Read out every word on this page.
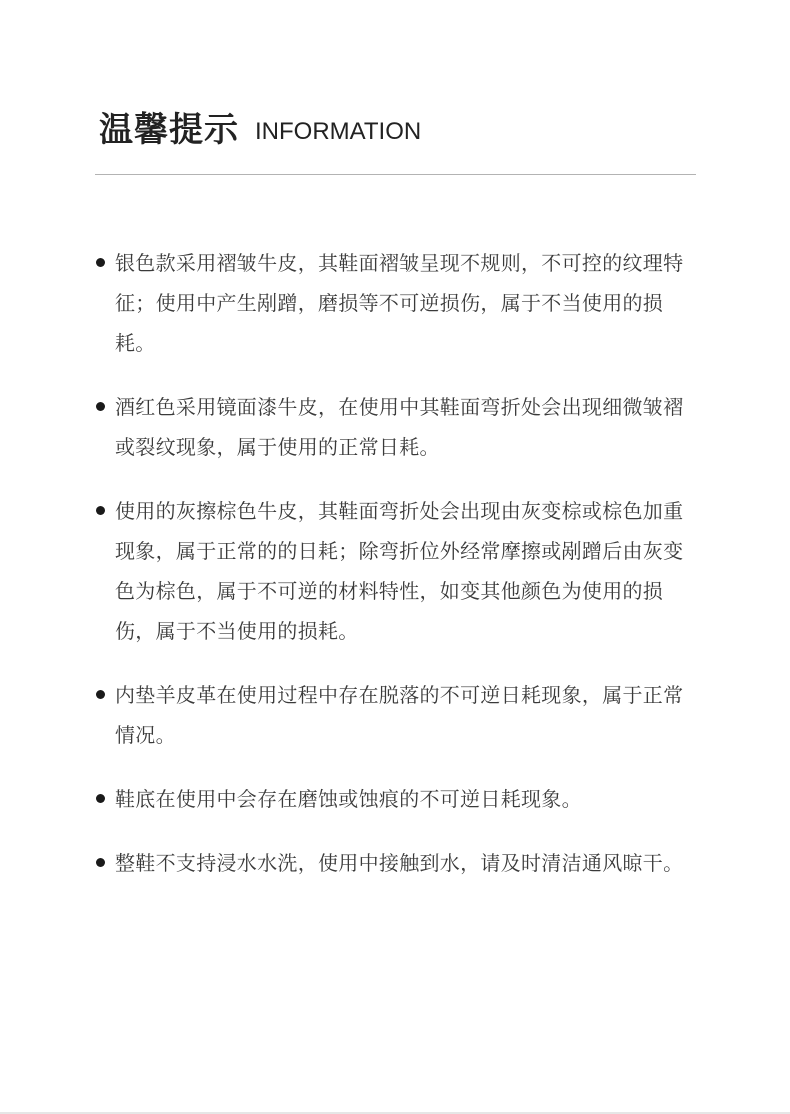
温馨提示 INFORMATION
银色款采用褶皱牛皮，其鞋面褶皱呈现不规则，不可控的纹理特征；使用中产生剐蹭，磨损等不可逆损伤，属于不当使用的损耗。
酒红色采用镜面漆牛皮，在使用中其鞋面弯折处会出现细微皱褶或裂纹现象，属于使用的正常日耗。
使用的灰擦棕色牛皮，其鞋面弯折处会出现由灰变棕或棕色加重现象，属于正常的的日耗；除弯折位外经常摩擦或剐蹭后由灰变色为棕色，属于不可逆的材料特性，如变其他颜色为使用的损伤，属于不当使用的损耗。
内垫羊皮革在使用过程中存在脱落的不可逆日耗现象，属于正常情况。
鞋底在使用中会存在磨蚀或蚀痕的不可逆日耗现象。
整鞋不支持浸水水洗，使用中接触到水，请及时清洁通风晾干。
